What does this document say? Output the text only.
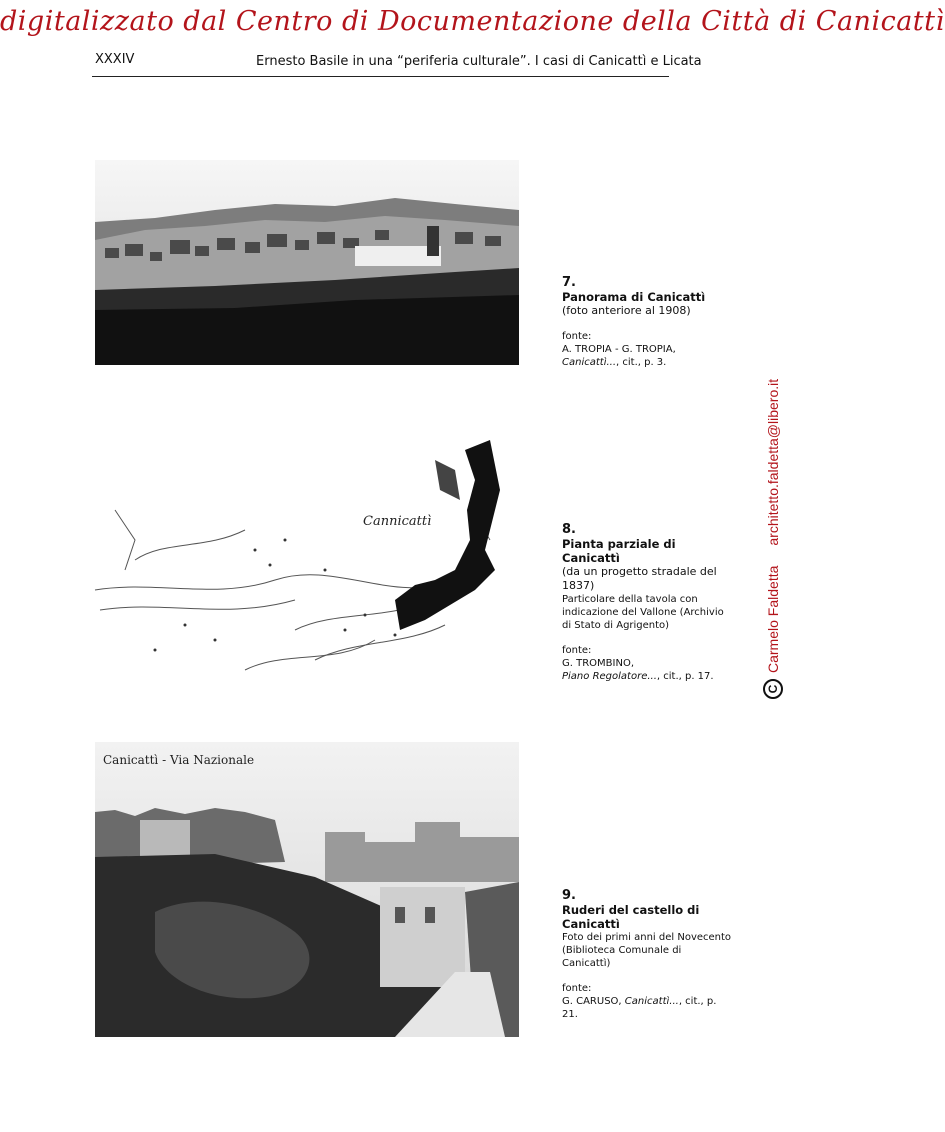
digitalizzato dal Centro di Documentazione della Città di Canicattì
XXXIV	Ernesto Basile in una “periferia culturale”. I casi di Canicattì e Licata
7.
Panorama di Canicattì
(foto anteriore al 1908)
fonte:
A. TROPIA - G. TROPIA,
Canicattì..., cit., p. 3.
Cannicattì
8.
Pianta parziale di Canicattì
(da un progetto stradale del 1837)
Particolare della tavola con indicazione del Vallone (Archivio di Stato di Agrigento)
fonte:
G. TROMBINO,
Piano Regolatore..., cit., p. 17.
Canicattì - Via Nazionale
9.
Ruderi del castello di Canicattì
Foto dei primi anni del Novecento (Biblioteca Comunale di Canicattì)
fonte:
G. CARUSO, Canicattì..., cit., p. 21.
C
Carmelo Faldetta
architetto.faldetta@libero.it
